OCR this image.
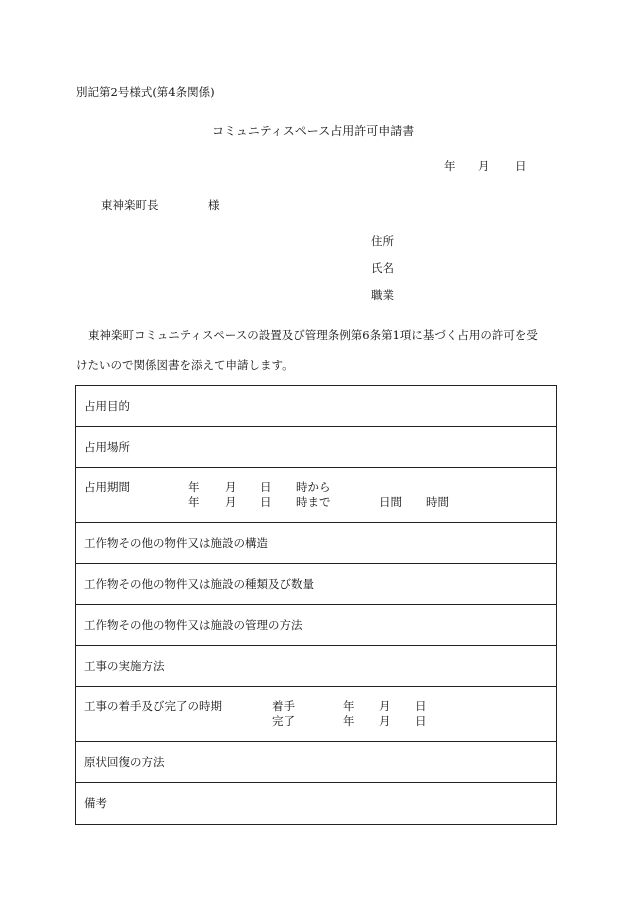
別記第2号様式(第4条関係)
コミュニティスペース占用許可申請書
年 月 日
東神楽町長	様
住所
氏名
職業
東神楽町コミュニティスペースの設置及び管理条例第6条第1項に基づく占用の許可を受
けたいので関係図書を添えて申請します。
占用目的

占用場所

占用期間	年 月 日 時から
年 月 日 時まで	日間 時間

工作物その他の物件又は施設の構造

工作物その他の物件又は施設の種類及び数量

工作物その他の物件又は施設の管理の方法

工事の実施方法

工事の着手及び完了の時期	着手	年 月 日
完了	年 月 日

原状回復の方法

備考
